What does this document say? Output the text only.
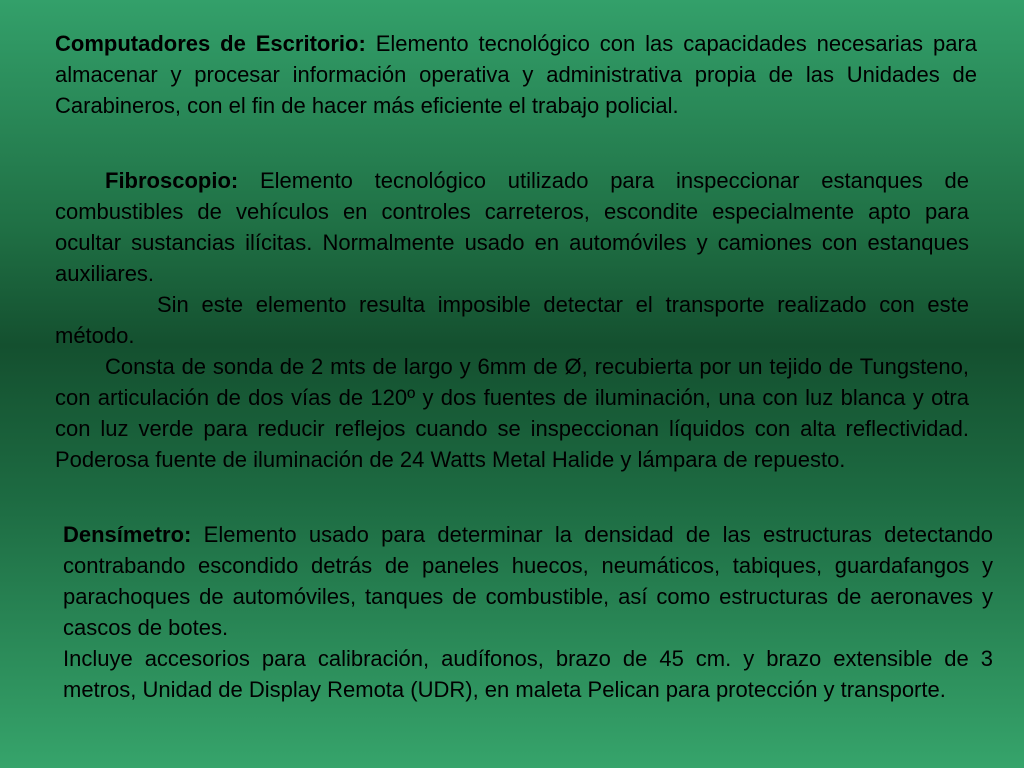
Computadores de Escritorio: Elemento tecnológico con las capacidades necesarias para almacenar y procesar información operativa y administrativa propia de las Unidades de Carabineros, con el fin de hacer más eficiente el trabajo policial.

Fibroscopio: Elemento tecnológico utilizado para inspeccionar estanques de combustibles de vehículos en controles carreteros, escondite especialmente apto para ocultar sustancias ilícitas. Normalmente usado en automóviles y camiones con estanques auxiliares.

Sin este elemento resulta imposible detectar el transporte realizado con este método.

Consta de sonda de 2 mts de largo y 6mm de Ø, recubierta por un tejido de Tungsteno, con articulación de dos vías de 120º y dos fuentes de iluminación, una con luz blanca y otra con luz verde para reducir reflejos cuando se inspeccionan líquidos con alta reflectividad. Poderosa fuente de iluminación de 24 Watts Metal Halide y lámpara de repuesto.

Densímetro: Elemento usado para determinar la densidad de las estructuras detectando contrabando escondido detrás de paneles huecos, neumáticos, tabiques, guardafangos y parachoques de automóviles, tanques de combustible, así como estructuras de aeronaves y cascos de botes.

Incluye accesorios para calibración, audífonos, brazo de 45 cm. y brazo extensible de 3 metros, Unidad de Display Remota (UDR), en maleta Pelican para protección y transporte.
